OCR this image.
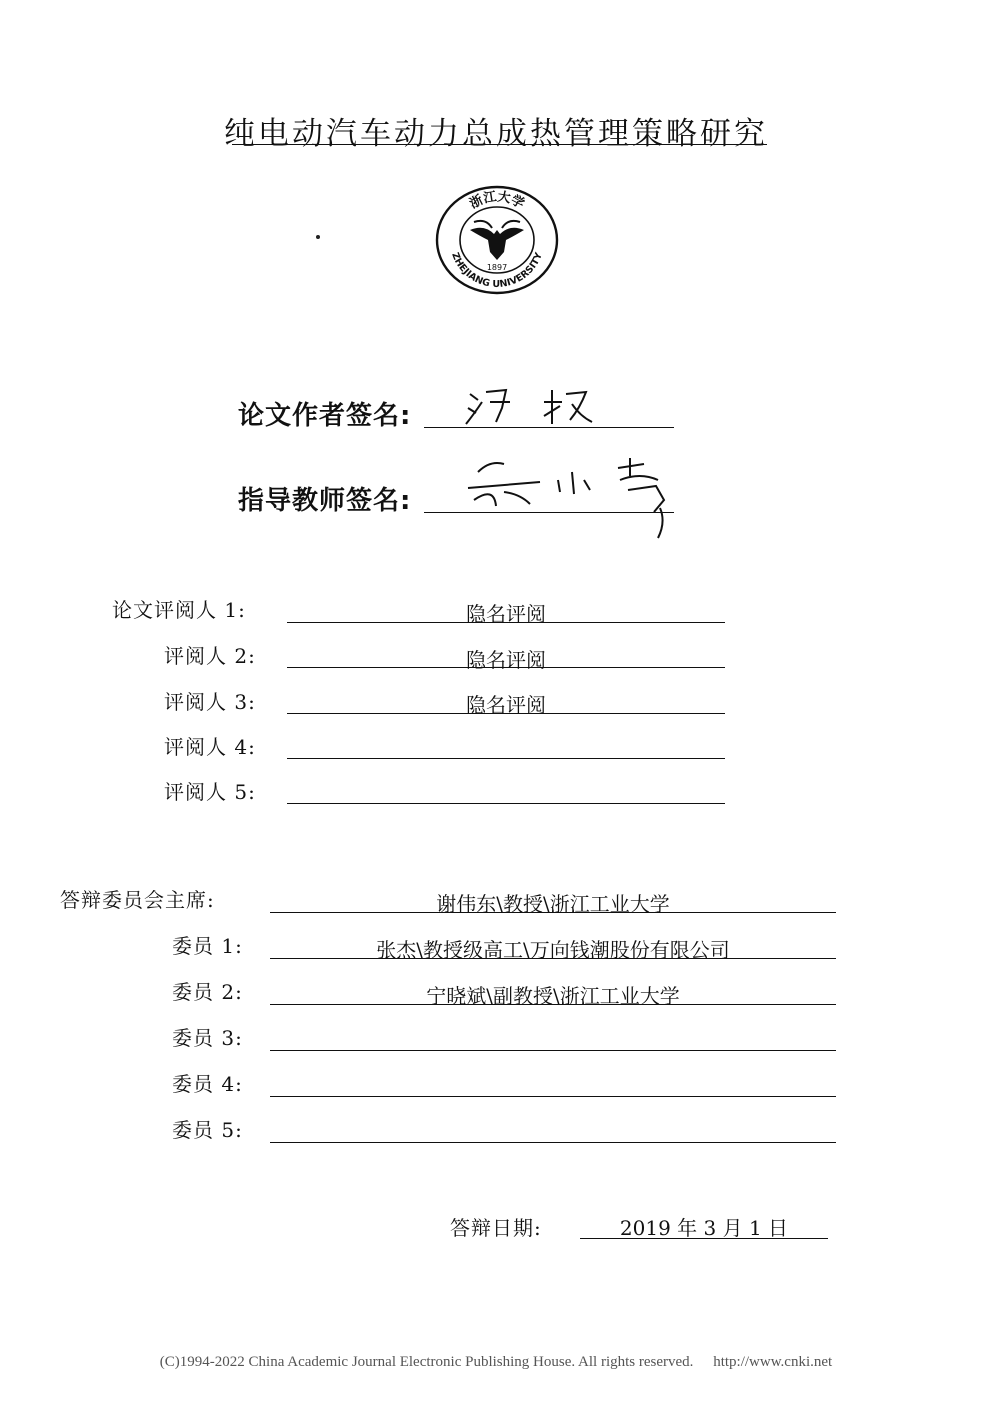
纯电动汽车动力总成热管理策略研究
浙江大学
1897
ZHEJIANG UNIVERSITY
论文作者签名:
指导教师签名:
论文评阅人 1:	隐名评阅
评阅人 2:	隐名评阅
评阅人 3:	隐名评阅
评阅人 4:
评阅人 5:
答辩委员会主席:	谢伟东\教授\浙江工业大学
委员 1:	张杰\教授级高工\万向钱潮股份有限公司
委员 2:	宁晓斌\副教授\浙江工业大学
委员 3:
委员 4:
委员 5:
答辩日期:	2019 年 3 月 1 日
(C)1994-2022 China Academic Journal Electronic Publishing House. All rights reserved. http://www.cnki.net
